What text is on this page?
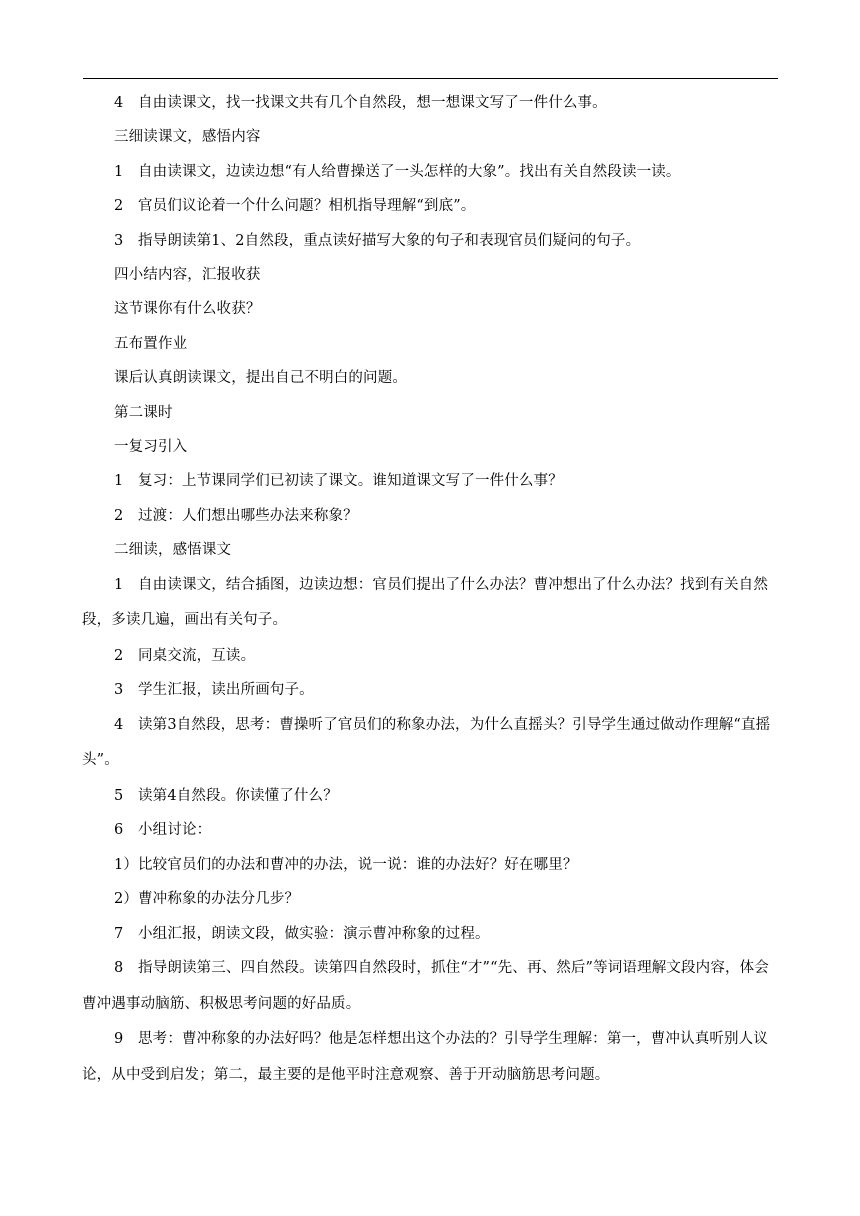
4　自由读课文，找一找课文共有几个自然段，想一想课文写了一件什么事。

三细读课文，感悟内容

1　自由读课文，边读边想“有人给曹操送了一头怎样的大象”。找出有关自然段读一读。

2　官员们议论着一个什么问题？相机指导理解“到底”。

3　指导朗读第1、2自然段，重点读好描写大象的句子和表现官员们疑问的句子。

四小结内容，汇报收获

这节课你有什么收获？

五布置作业

课后认真朗读课文，提出自己不明白的问题。

第二课时

一复习引入

1　复习：上节课同学们已初读了课文。谁知道课文写了一件什么事？

2　过渡：人们想出哪些办法来称象？

二细读，感悟课文

1　自由读课文，结合插图，边读边想：官员们提出了什么办法？曹冲想出了什么办法？找到有关自然段，多读几遍，画出有关句子。

2　同桌交流，互读。

3　学生汇报，读出所画句子。

4　读第3自然段，思考：曹操听了官员们的称象办法，为什么直摇头？引导学生通过做动作理解“直摇头”。

5　读第4自然段。你读懂了什么？

6　小组讨论：

1）比较官员们的办法和曹冲的办法，说一说：谁的办法好？好在哪里？

2）曹冲称象的办法分几步？

7　小组汇报，朗读文段，做实验：演示曹冲称象的过程。

8　指导朗读第三、四自然段。读第四自然段时，抓住“才”“先、再、然后”等词语理解文段内容，体会曹冲遇事动脑筋、积极思考问题的好品质。

9　思考：曹冲称象的办法好吗？他是怎样想出这个办法的？引导学生理解：第一，曹冲认真听别人议论，从中受到启发；第二，最主要的是他平时注意观察、善于开动脑筋思考问题。
